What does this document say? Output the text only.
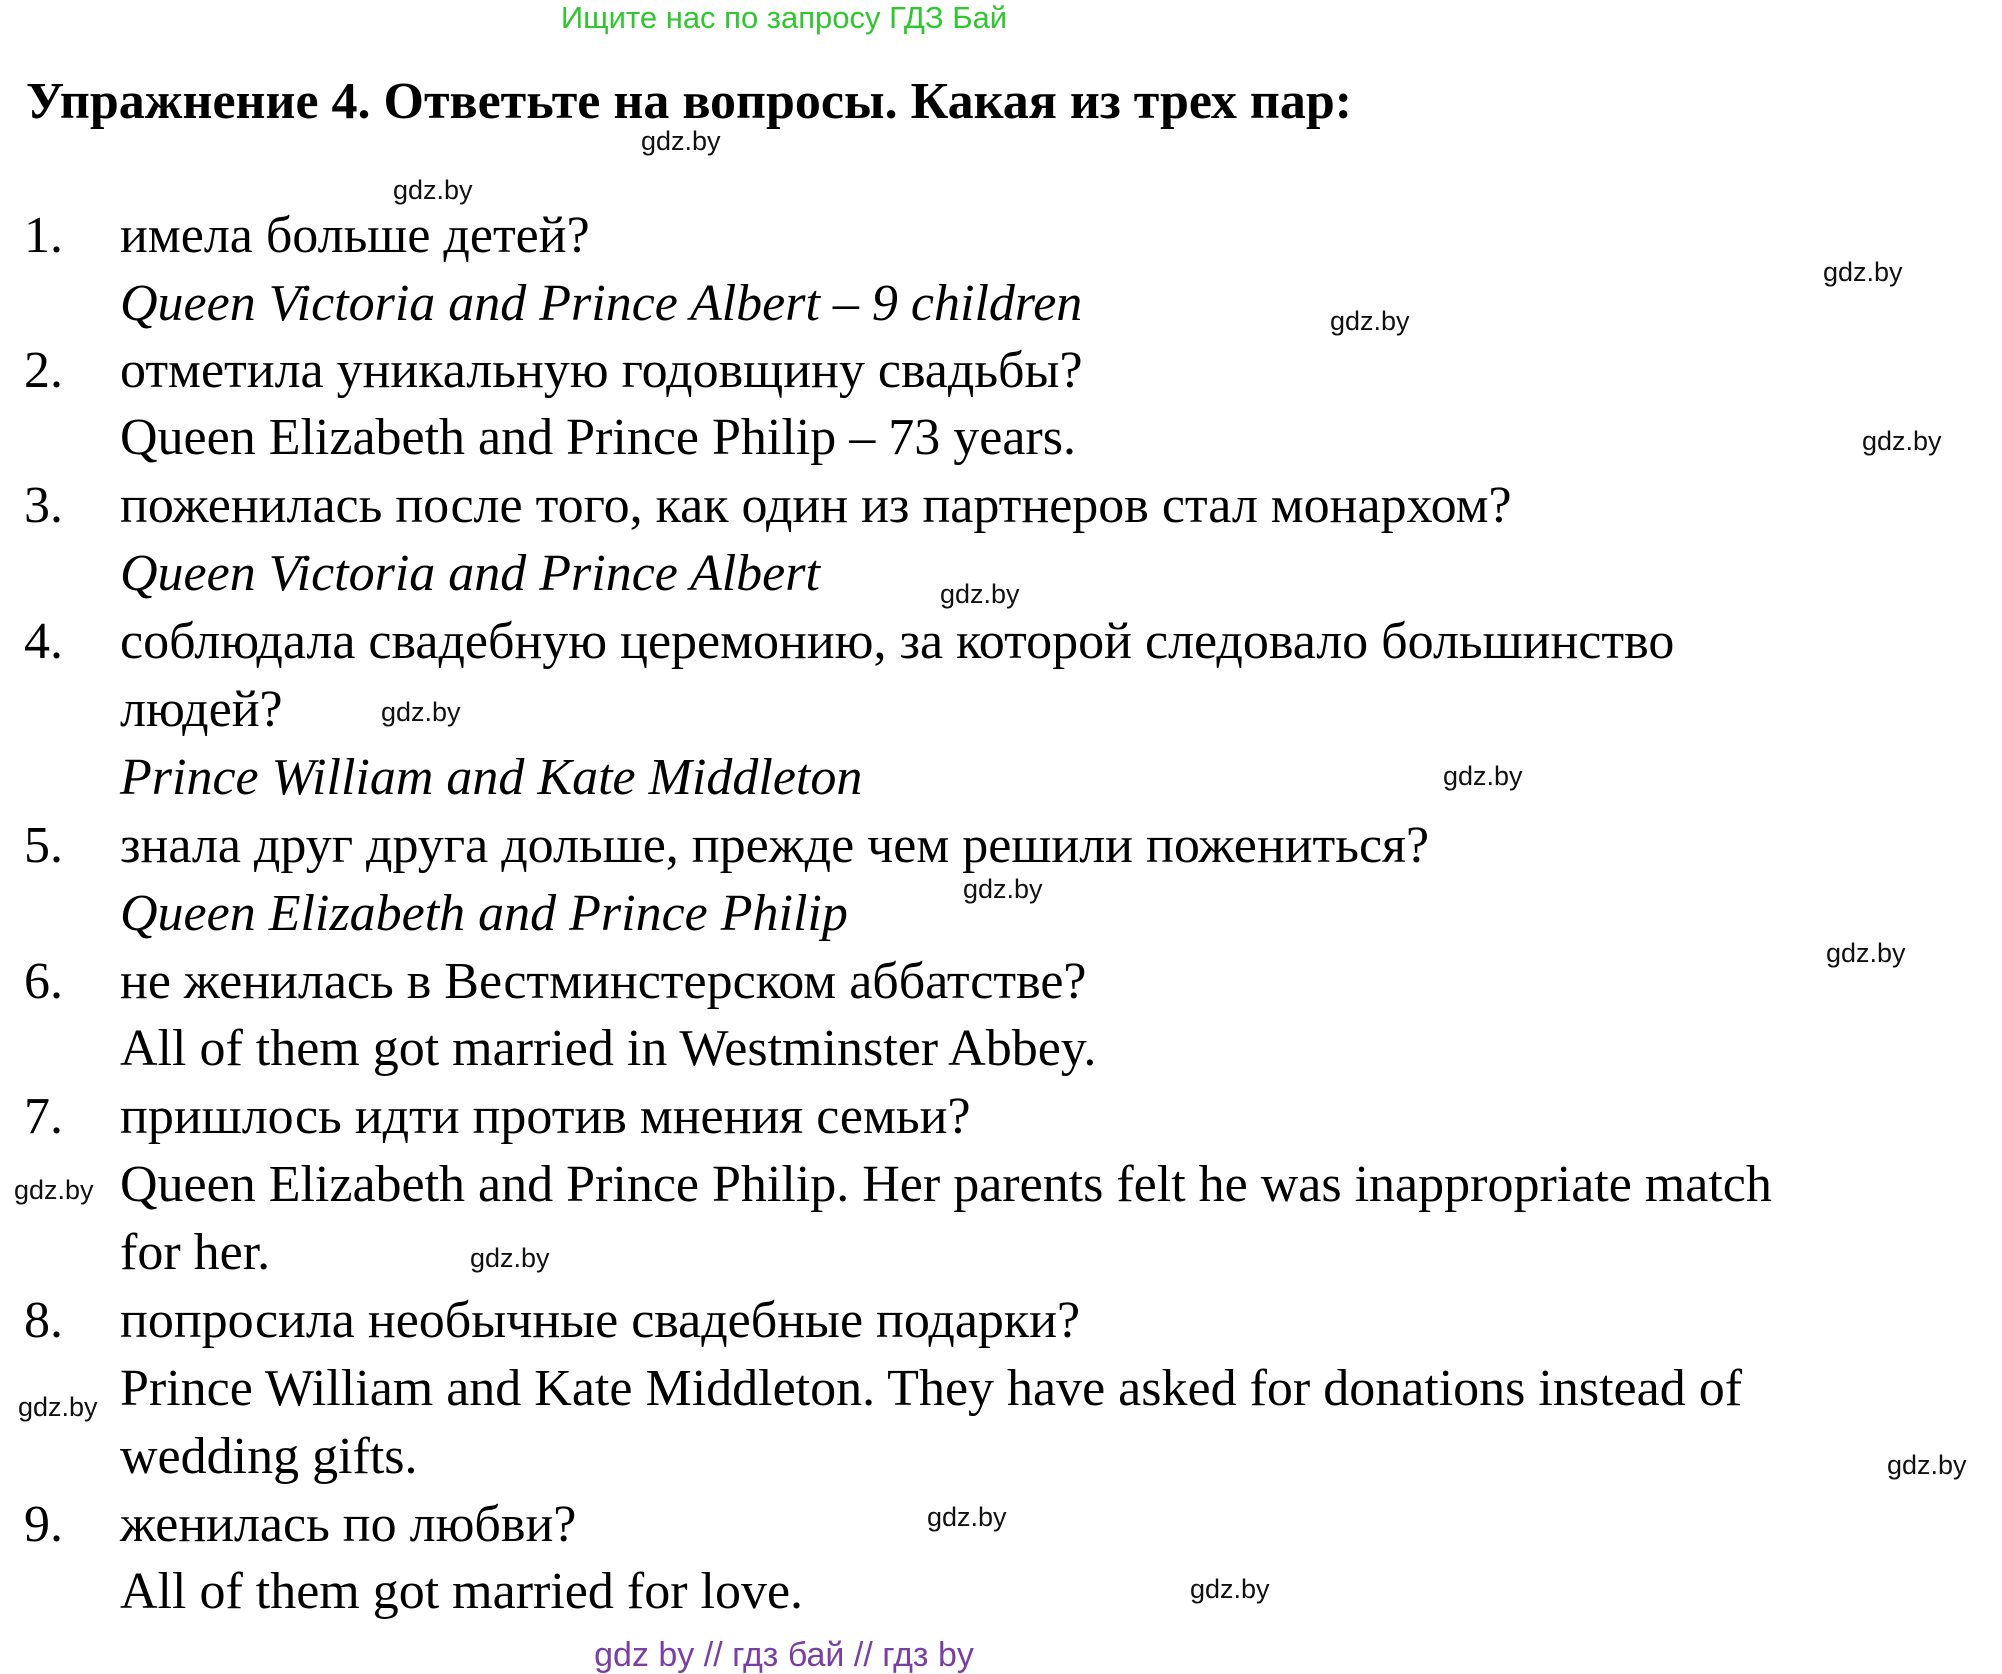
Ищите нас по запросу ГДЗ Бай
Упражнение 4. Ответьте на вопросы. Какая из трех пар:
1. имела больше детей?
Queen Victoria and Prince Albert – 9 children
2. отметила уникальную годовщину свадьбы?
Queen Elizabeth and Prince Philip – 73 years.
3. поженилась после того, как один из партнеров стал монархом?
Queen Victoria and Prince Albert
4. соблюдала свадебную церемонию, за которой следовало большинство
людей?
Prince William and Kate Middleton
5. знала друг друга дольше, прежде чем решили пожениться?
Queen Elizabeth and Prince Philip
6. не женилась в Вестминстерском аббатстве?
All of them got married in Westminster Abbey.
7. пришлось идти против мнения семьи?
Queen Elizabeth and Prince Philip. Her parents felt he was inappropriate match
for her.
8. попросила необычные свадебные подарки?
Prince William and Kate Middleton. They have asked for donations instead of
wedding gifts.
9. женилась по любви?
All of them got married for love.
gdz.by
gdz.by
gdz.by
gdz.by
gdz.by
gdz.by
gdz.by
gdz.by
gdz.by
gdz.by
gdz.by
gdz.by
gdz.by
gdz.by
gdz.by
gdz.by
gdz by // гдз бай // гдз by
